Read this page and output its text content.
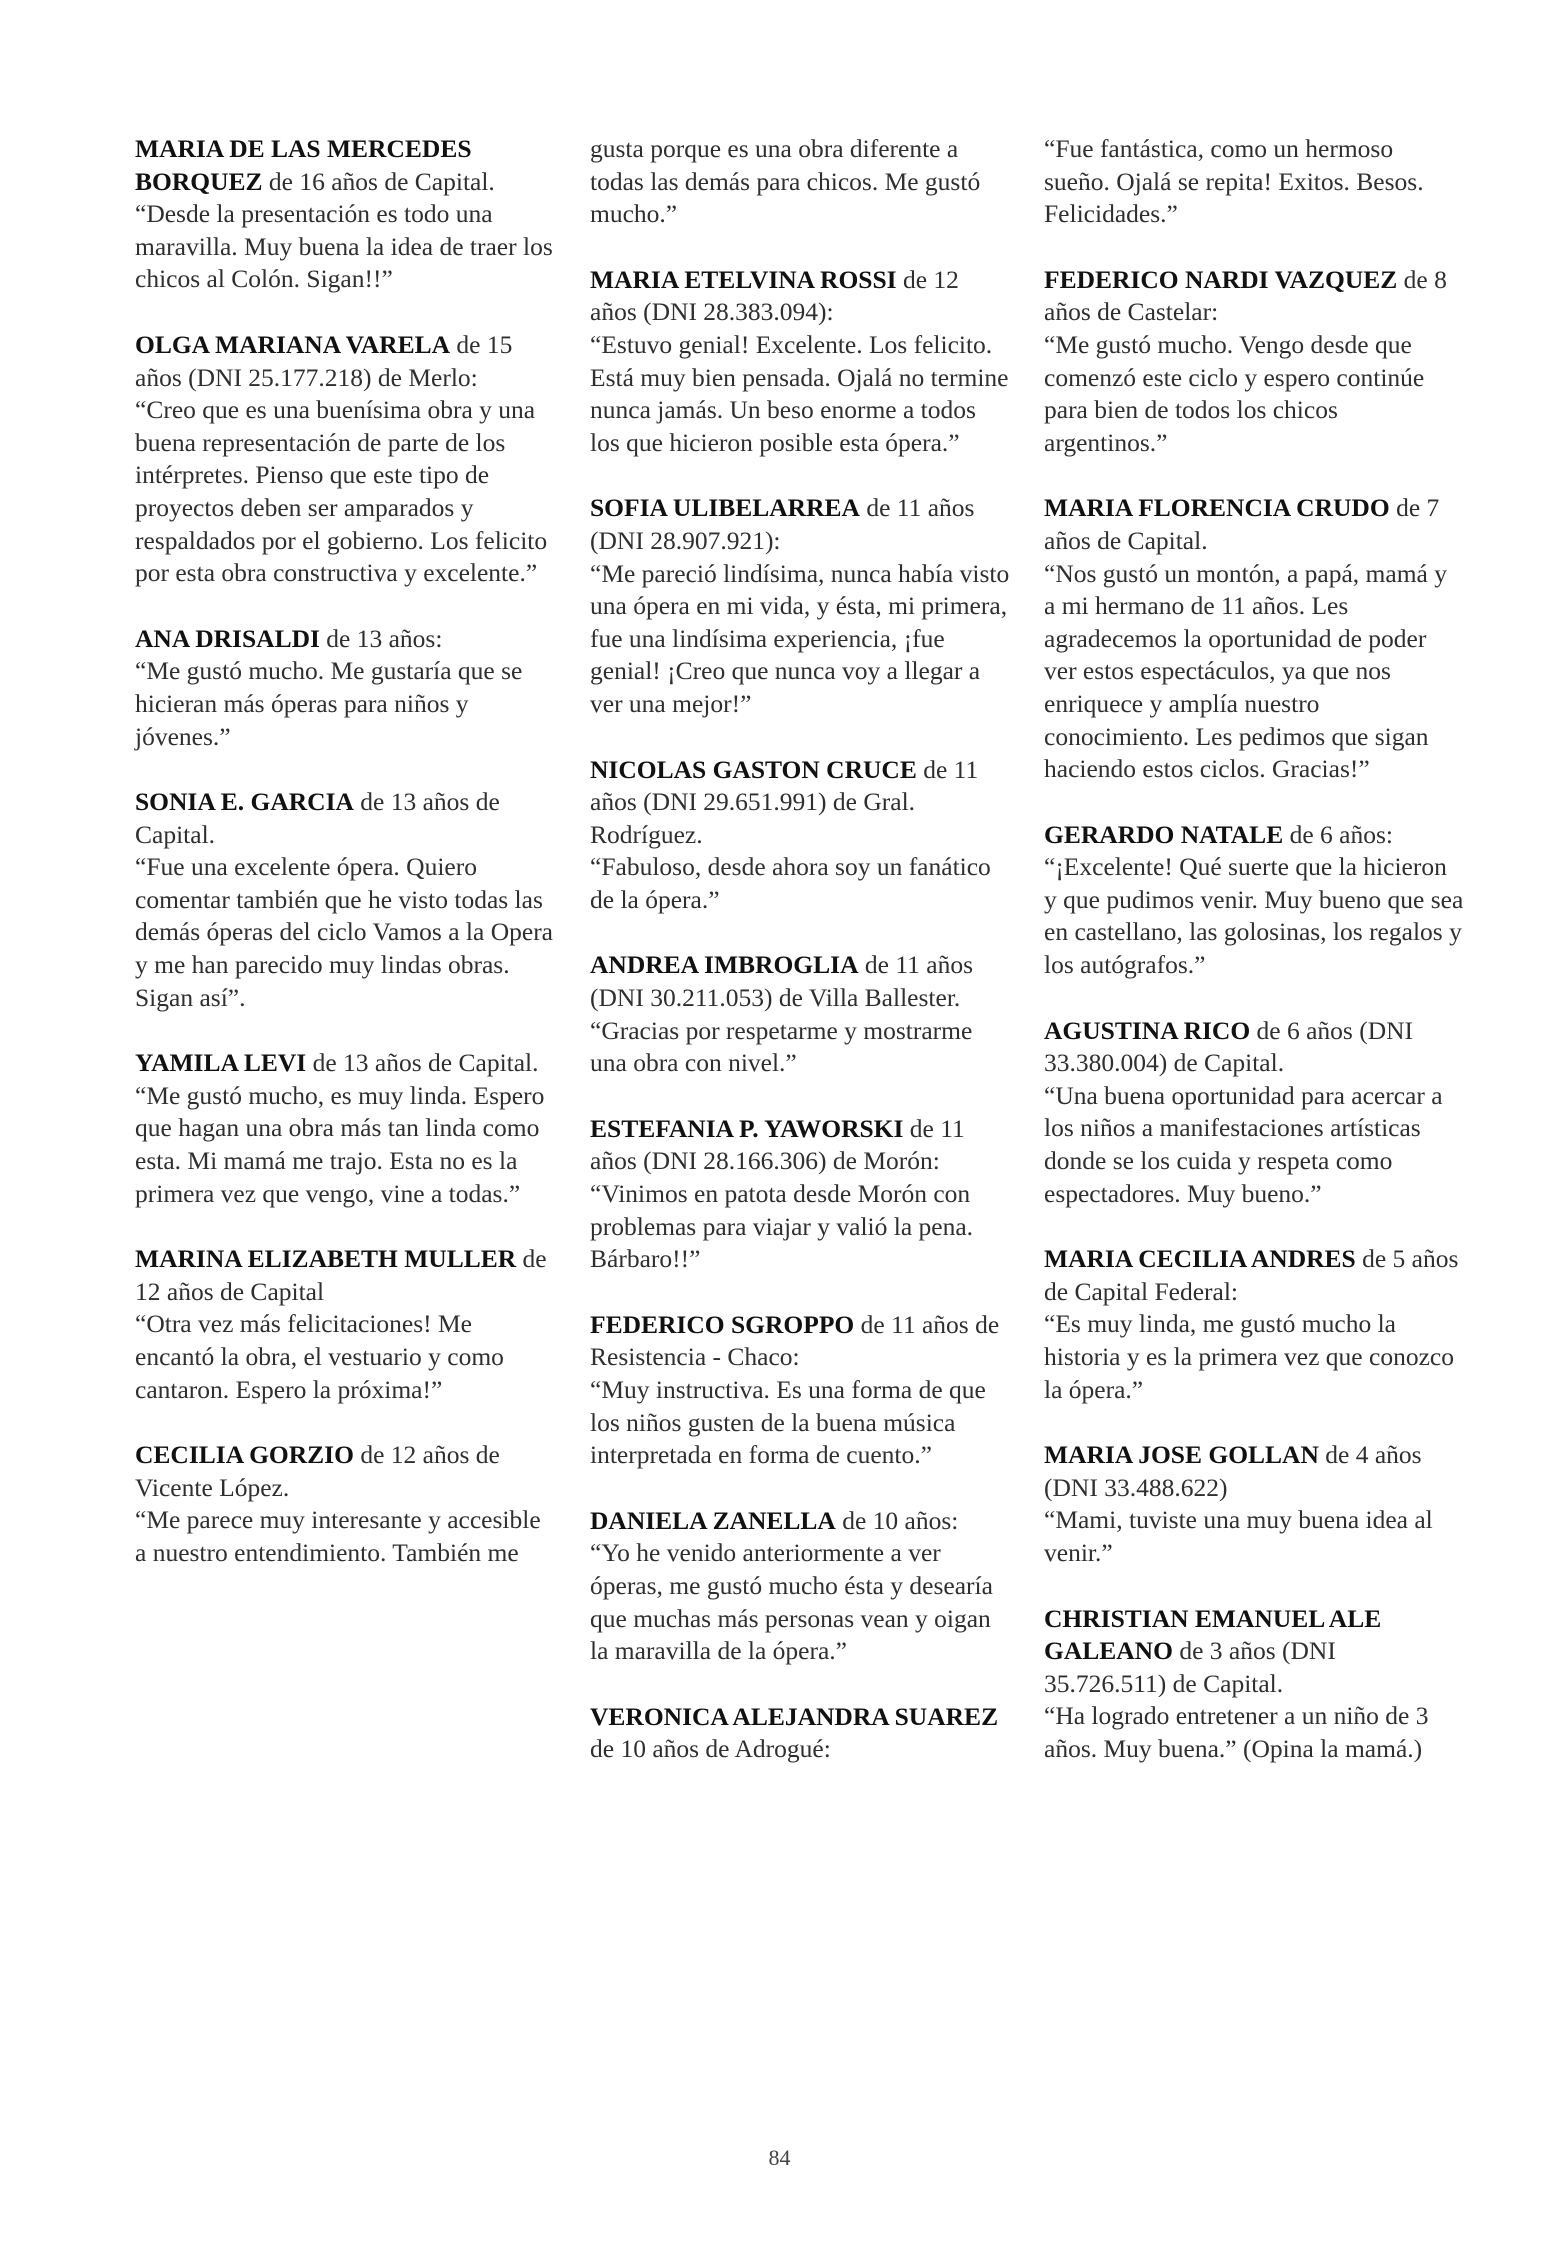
MARIA DE LAS MERCEDES BORQUEZ de 16 años de Capital.
“Desde la presentación es todo una maravilla. Muy buena la idea de traer los chicos al Colón. Sigan!!”

OLGA MARIANA VARELA de 15 años (DNI 25.177.218) de Merlo:
“Creo que es una buenísima obra y una buena representación de parte de los intérpretes. Pienso que este tipo de proyectos deben ser amparados y respaldados por el gobierno. Los felicito por esta obra constructiva y excelente.”

ANA DRISALDI de 13 años:
“Me gustó mucho. Me gustaría que se hicieran más óperas para niños y jóvenes.”

SONIA E. GARCIA de 13 años de Capital.
“Fue una excelente ópera. Quiero comentar también que he visto todas las demás óperas del ciclo Vamos a la Opera y me han parecido muy lindas obras. Sigan así”.

YAMILA LEVI de 13 años de Capital.
“Me gustó mucho, es muy linda. Espero que hagan una obra más tan linda como esta. Mi mamá me trajo. Esta no es la primera vez que vengo, vine a todas.”

MARINA ELIZABETH MULLER de 12 años de Capital
“Otra vez más felicitaciones! Me encantó la obra, el vestuario y como cantaron. Espero la próxima!”

CECILIA GORZIO de 12 años de Vicente López.
“Me parece muy interesante y accesible a nuestro entendimiento. También me

gusta porque es una obra diferente a todas las demás para chicos. Me gustó mucho.”

MARIA ETELVINA ROSSI de 12 años (DNI 28.383.094):
“Estuvo genial! Excelente. Los felicito. Está muy bien pensada. Ojalá no termine nunca jamás. Un beso enorme a todos los que hicieron posible esta ópera.”

SOFIA ULIBELARREA de 11 años (DNI 28.907.921):
“Me pareció lindísima, nunca había visto una ópera en mi vida, y ésta, mi primera, fue una lindísima experiencia, ¡fue genial! ¡Creo que nunca voy a llegar a ver una mejor!”

NICOLAS GASTON CRUCE de 11 años (DNI 29.651.991) de Gral. Rodríguez.
“Fabuloso, desde ahora soy un fanático de la ópera.”

ANDREA IMBROGLIA de 11 años (DNI 30.211.053) de Villa Ballester.
“Gracias por respetarme y mostrarme una obra con nivel.”

ESTEFANIA P. YAWORSKI de 11 años (DNI 28.166.306) de Morón:
“Vinimos en patota desde Morón con problemas para viajar y valió la pena. Bárbaro!!”

FEDERICO SGROPPO de 11 años de Resistencia - Chaco:
“Muy instructiva. Es una forma de que los niños gusten de la buena música interpretada en forma de cuento.”

DANIELA ZANELLA de 10 años:
“Yo he venido anteriormente a ver óperas, me gustó mucho ésta y desearía que muchas más personas vean y oigan la maravilla de la ópera.”

VERONICA ALEJANDRA SUAREZ de 10 años de Adrogué:

“Fue fantástica, como un hermoso sueño. Ojalá se repita! Exitos. Besos. Felicidades.”

FEDERICO NARDI VAZQUEZ de 8 años de Castelar:
“Me gustó mucho. Vengo desde que comenzó este ciclo y espero continúe para bien de todos los chicos argentinos.”

MARIA FLORENCIA CRUDO de 7 años de Capital.
“Nos gustó un montón, a papá, mamá y a mi hermano de 11 años. Les agradecemos la oportunidad de poder ver estos espectáculos, ya que nos enriquece y amplía nuestro conocimiento. Les pedimos que sigan haciendo estos ciclos. Gracias!”

GERARDO NATALE de 6 años:
“¡Excelente! Qué suerte que la hicieron y que pudimos venir. Muy bueno que sea en castellano, las golosinas, los regalos y los autógrafos.”

AGUSTINA RICO de 6 años (DNI 33.380.004) de Capital.
“Una buena oportunidad para acercar a los niños a manifestaciones artísticas donde se los cuida y respeta como espectadores. Muy bueno.”

MARIA CECILIA ANDRES de 5 años de Capital Federal:
“Es muy linda, me gustó mucho la historia y es la primera vez que conozco la ópera.”

MARIA JOSE GOLLAN de 4 años (DNI 33.488.622)
“Mami, tuviste una muy buena idea al venir.”

CHRISTIAN EMANUEL ALE GALEANO de 3 años (DNI 35.726.511) de Capital.
“Ha logrado entretener a un niño de 3 años. Muy buena.” (Opina la mamá.)

84
